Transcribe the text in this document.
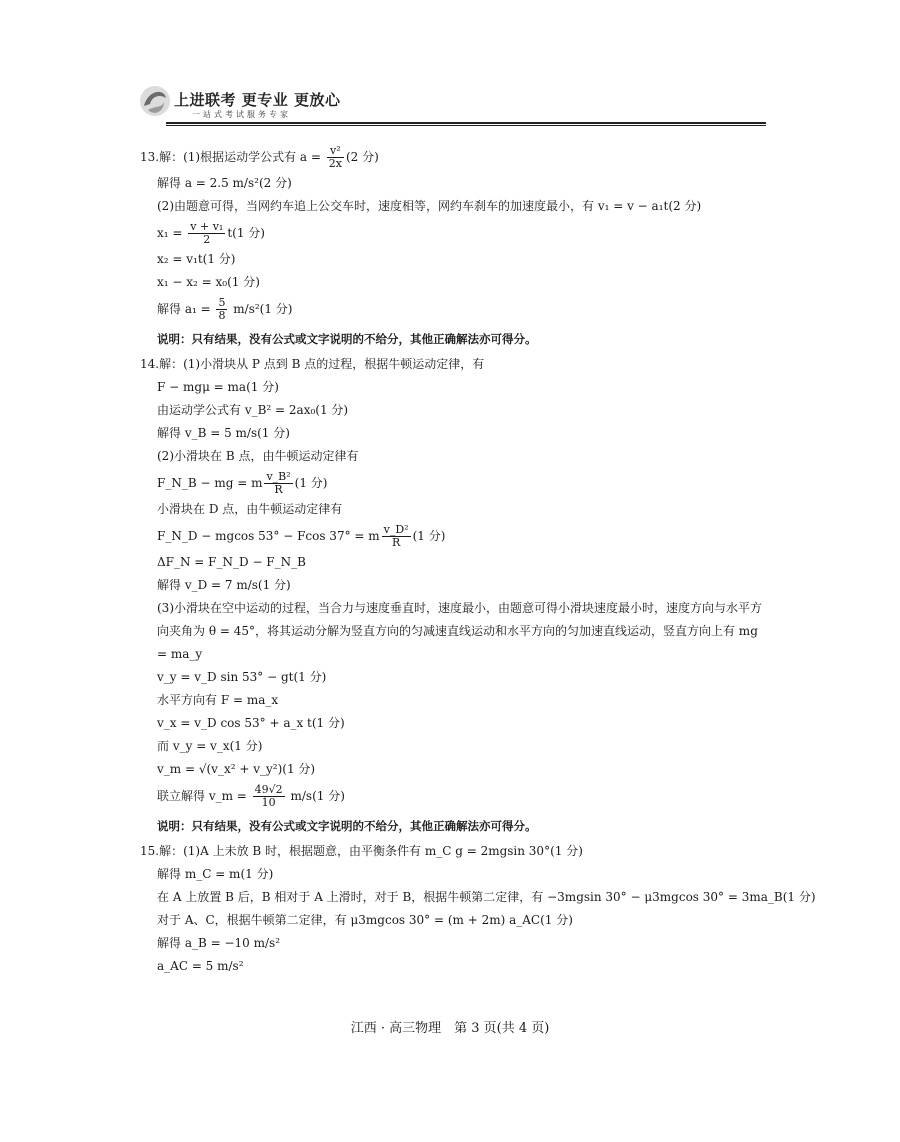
上进联考 更专业 更放心
一站式考试服务专家
13.解：(1)根据运动学公式有 $a = \frac{\text{v²}}{2x} (2$ 分)
解得 a = 2.5 m/s²(2 分)
(2)由题意可得，当网约车追上公交车时，速度相等，网约车刹车的加速度最小，有 v₁ = v − a₁t(2 分)
$x_1 = \frac{\text{v + v₁}}{2} t(1$ 分)
x₂ = v₁t(1 分)
x₁ − x₂ = x₀(1 分)
解得 $a_1 = \frac{5}{8} m/s^2(1$ 分)
说明：只有结果，没有公式或文字说明的不给分，其他正确解法亦可得分。
14.解：(1)小滑块从 P 点到 B 点的过程，根据牛顿运动定律，有
F − mgμ = ma(1 分)
由运动学公式有 v_B² = 2ax₀(1 分)
解得 v_B = 5 m/s(1 分)
(2)小滑块在 B 点，由牛顿运动定律有
F_N_B − mg = m $\frac{\text{v\_B²}}{R} (1$ 分)
小滑块在 D 点，由牛顿运动定律有
F_N_D − mgcos 53° − Fcos 37° = m $\frac{\text{v\_D²}}{R} (1$ 分)
ΔF_N = F_N_D − F_N_B
解得 v_D = 7 m/s(1 分)
(3)小滑块在空中运动的过程，当合力与速度垂直时，速度最小，由题意可得小滑块速度最小时，速度方向与水平方向夹角为 θ = 45°，将其运动分解为竖直方向的匀减速直线运动和水平方向的匀加速直线运动，竖直方向上有 mg = ma_y
v_y = v_D sin 53° − gt(1 分)
水平方向有 F = ma_x
v_x = v_D cos 53° + a_x t(1 分)
而 v_y = v_x(1 分)
v_m = √(v_x² + v_y²)(1 分)
联立解得 v_m = $\frac{49√2}{10} m/s(1$ 分)
说明：只有结果，没有公式或文字说明的不给分，其他正确解法亦可得分。
15.解：(1)A 上未放 B 时，根据题意，由平衡条件有 m_C g = 2mgsin 30°(1 分)
解得 m_C = m(1 分)
在 A 上放置 B 后，B 相对于 A 上滑时，对于 B，根据牛顿第二定律，有 −3mgsin 30° − μ3mgcos 30° = 3ma_B(1 分)
对于 A、C，根据牛顿第二定律，有 μ3mgcos 30° = (m + 2m) a_AC(1 分)
解得 a_B = −10 m/s²
a_AC = 5 m/s²
江西 · 高三物理　第 3 页(共 4 页)
